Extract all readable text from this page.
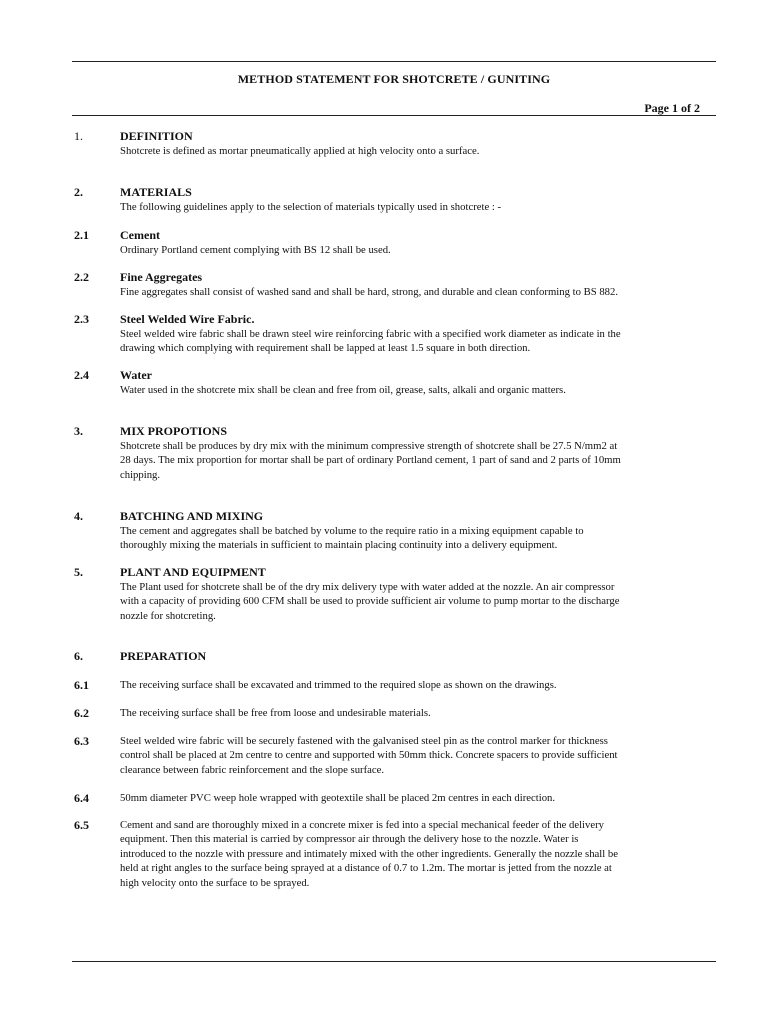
METHOD STATEMENT FOR SHOTCRETE / GUNITING
Page 1 of 2
1.	DEFINITION
Shotcrete is defined as mortar pneumatically applied at high velocity onto a surface.
2.	MATERIALS
The following guidelines apply to the selection of materials typically used in shotcrete : -
2.1	Cement
Ordinary Portland cement complying with BS 12 shall be used.
2.2	Fine Aggregates
Fine aggregates shall consist of washed sand and shall be hard, strong, and durable and clean conforming to BS 882.
2.3	Steel Welded Wire Fabric.
Steel welded wire fabric shall be drawn steel wire reinforcing fabric with a specified work diameter as indicate in the
drawing which complying with requirement shall be lapped at least 1.5 square in both direction.
2.4	Water
Water used in the shotcrete mix shall be clean and free from oil, grease, salts, alkali and organic matters.
3.	MIX PROPOTIONS
Shotcrete shall be produces by dry mix with the minimum compressive strength of shotcrete shall be 27.5 N/mm2 at
28 days. The mix proportion for mortar shall be part of ordinary Portland cement, 1 part of sand and 2 parts of 10mm
chipping.
4.	BATCHING AND MIXING
The cement and aggregates shall be batched by volume to the require ratio in a mixing equipment capable to
thoroughly mixing the materials in sufficient to maintain placing continuity into a delivery equipment.
5.	PLANT AND EQUIPMENT
The Plant used for shotcrete shall be of the dry mix delivery type with water added at the nozzle. An air compressor
with a capacity of providing 600 CFM shall be used to provide sufficient air volume to pump mortar to the discharge
nozzle for shotcreting.
6.	PREPARATION
6.1	The receiving surface shall be excavated and trimmed to the required slope as shown on the drawings.
6.2	The receiving surface shall be free from loose and undesirable materials.
6.3	Steel welded wire fabric will be securely fastened with the galvanised steel pin as the control marker for thickness
control shall be placed at 2m centre to centre and supported with 50mm thick. Concrete spacers to provide sufficient
clearance between fabric reinforcement and the slope surface.
6.4	50mm diameter PVC weep hole wrapped with geotextile shall be placed 2m centres in each direction.
6.5	Cement and sand are thoroughly mixed in a concrete mixer is fed into a special mechanical feeder of the delivery
equipment. Then this material is carried by compressor air through the delivery hose to the nozzle. Water is
introduced to the nozzle with pressure and intimately mixed with the other ingredients. Generally the nozzle shall be
held at right angles to the surface being sprayed at a distance of 0.7 to 1.2m. The mortar is jetted from the nozzle at
high velocity onto the surface to be sprayed.
